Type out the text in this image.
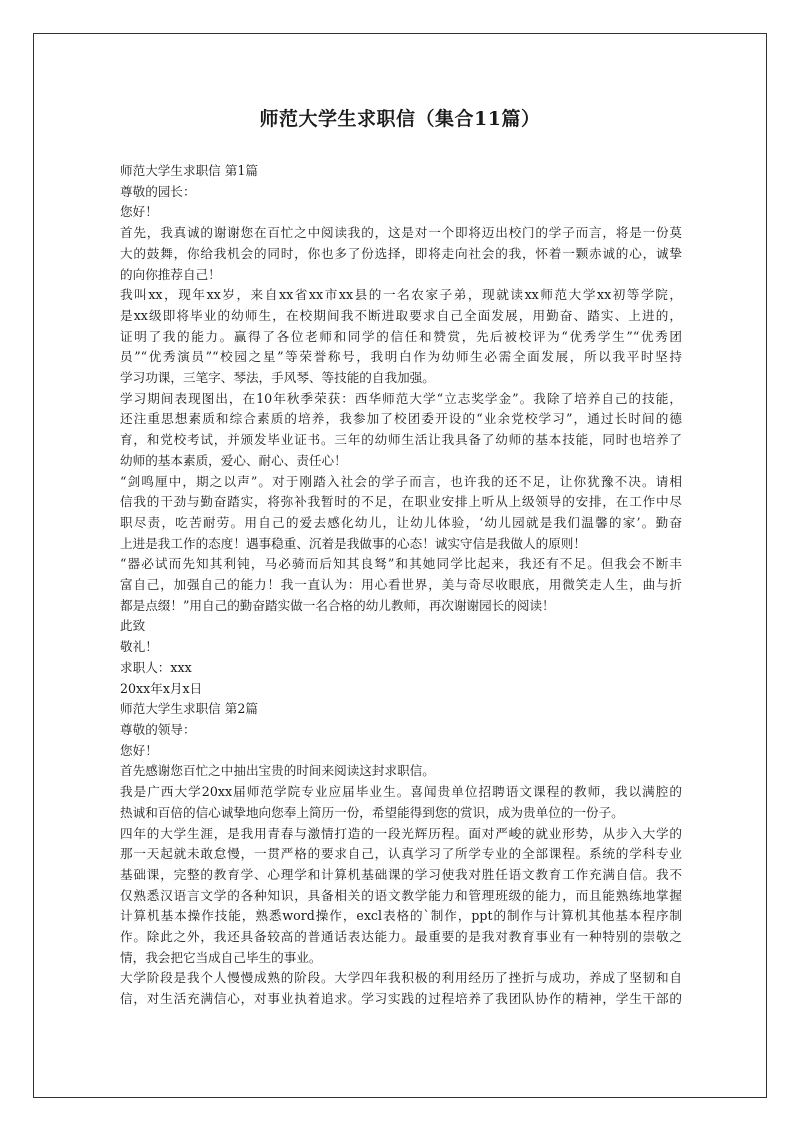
师范大学生求职信（集合11篇）
师范大学生求职信 第1篇
尊敬的园长：
您好！
首先，我真诚的谢谢您在百忙之中阅读我的，这是对一个即将迈出校门的学子而言，将是一份莫
大的鼓舞，你给我机会的同时，你也多了份选择，即将走向社会的我，怀着一颗赤诚的心，诚挚
的向你推荐自己！
我叫xx，现年xx岁，来自xx省xx市xx县的一名农家子弟，现就读xx师范大学xx初等学院，
是xx级即将毕业的幼师生，在校期间我不断进取要求自己全面发展，用勤奋、踏实、上进的，
证明了我的能力。赢得了各位老师和同学的信任和赞赏，先后被校评为“优秀学生”“优秀团
员”“优秀演员”“校园之星”等荣誉称号，我明白作为幼师生必需全面发展，所以我平时坚持
学习功课，三笔字、琴法，手风琴、等技能的自我加强。
学习期间表现图出，在10年秋季荣获：西华师范大学“立志奖学金”。我除了培养自己的技能，
还注重思想素质和综合素质的培养，我参加了校团委开设的“业余党校学习”，通过长时间的德
育，和党校考试，并颁发毕业证书。三年的幼师生活让我具备了幼师的基本技能，同时也培养了
幼师的基本素质，爱心、耐心、责任心！
“剑鸣厘中，期之以声”。对于刚踏入社会的学子而言，也许我的还不足，让你犹豫不决。请相
信我的干劲与勤奋踏实，将弥补我暂时的不足，在职业安排上听从上级领导的安排，在工作中尽
职尽责，吃苦耐劳。用自己的爱去感化幼儿，让幼儿体验，‘幼儿园就是我们温馨的家’。勤奋
上进是我工作的态度！遇事稳重、沉着是我做事的心态！诚实守信是我做人的原则！
“器必试而先知其利钝，马必骑而后知其良驽”和其她同学比起来，我还有不足。但我会不断丰
富自己，加强自己的能力！我一直认为：用心看世界，美与奇尽收眼底，用微笑走人生，曲与折
都是点缀！”用自己的勤奋踏实做一名合格的幼儿教师，再次谢谢园长的阅读！
此致
敬礼！
求职人：xxx
20xx年x月x日
师范大学生求职信 第2篇
尊敬的领导：
您好！
首先感谢您百忙之中抽出宝贵的时间来阅读这封求职信。
我是广西大学20xx届师范学院专业应届毕业生。喜闻贵单位招聘语文课程的教师，我以满腔的
热诚和百倍的信心诚挚地向您奉上简历一份，希望能得到您的赏识，成为贵单位的一份子。
四年的大学生涯，是我用青春与激情打造的一段光辉历程。面对严峻的就业形势，从步入大学的
那一天起就未敢怠慢，一贯严格的要求自己，认真学习了所学专业的全部课程。系统的学科专业
基础课，完整的教育学、心理学和计算机基础课的学习使我对胜任语文教育工作充满自信。我不
仅熟悉汉语言文学的各种知识，具备相关的语文教学能力和管理班级的能力，而且能熟练地掌握
计算机基本操作技能，熟悉word操作，excl表格的`制作，ppt的制作与计算机其他基本程序制
作。除此之外，我还具备较高的普通话表达能力。最重要的是我对教育事业有一种特别的崇敬之
情，我会把它当成自己毕生的事业。
大学阶段是我个人慢慢成熟的阶段。大学四年我积极的利用经历了挫折与成功，养成了坚韧和自
信，对生活充满信心，对事业执着追求。学习实践的过程培养了我团队协作的精神，学生干部的
